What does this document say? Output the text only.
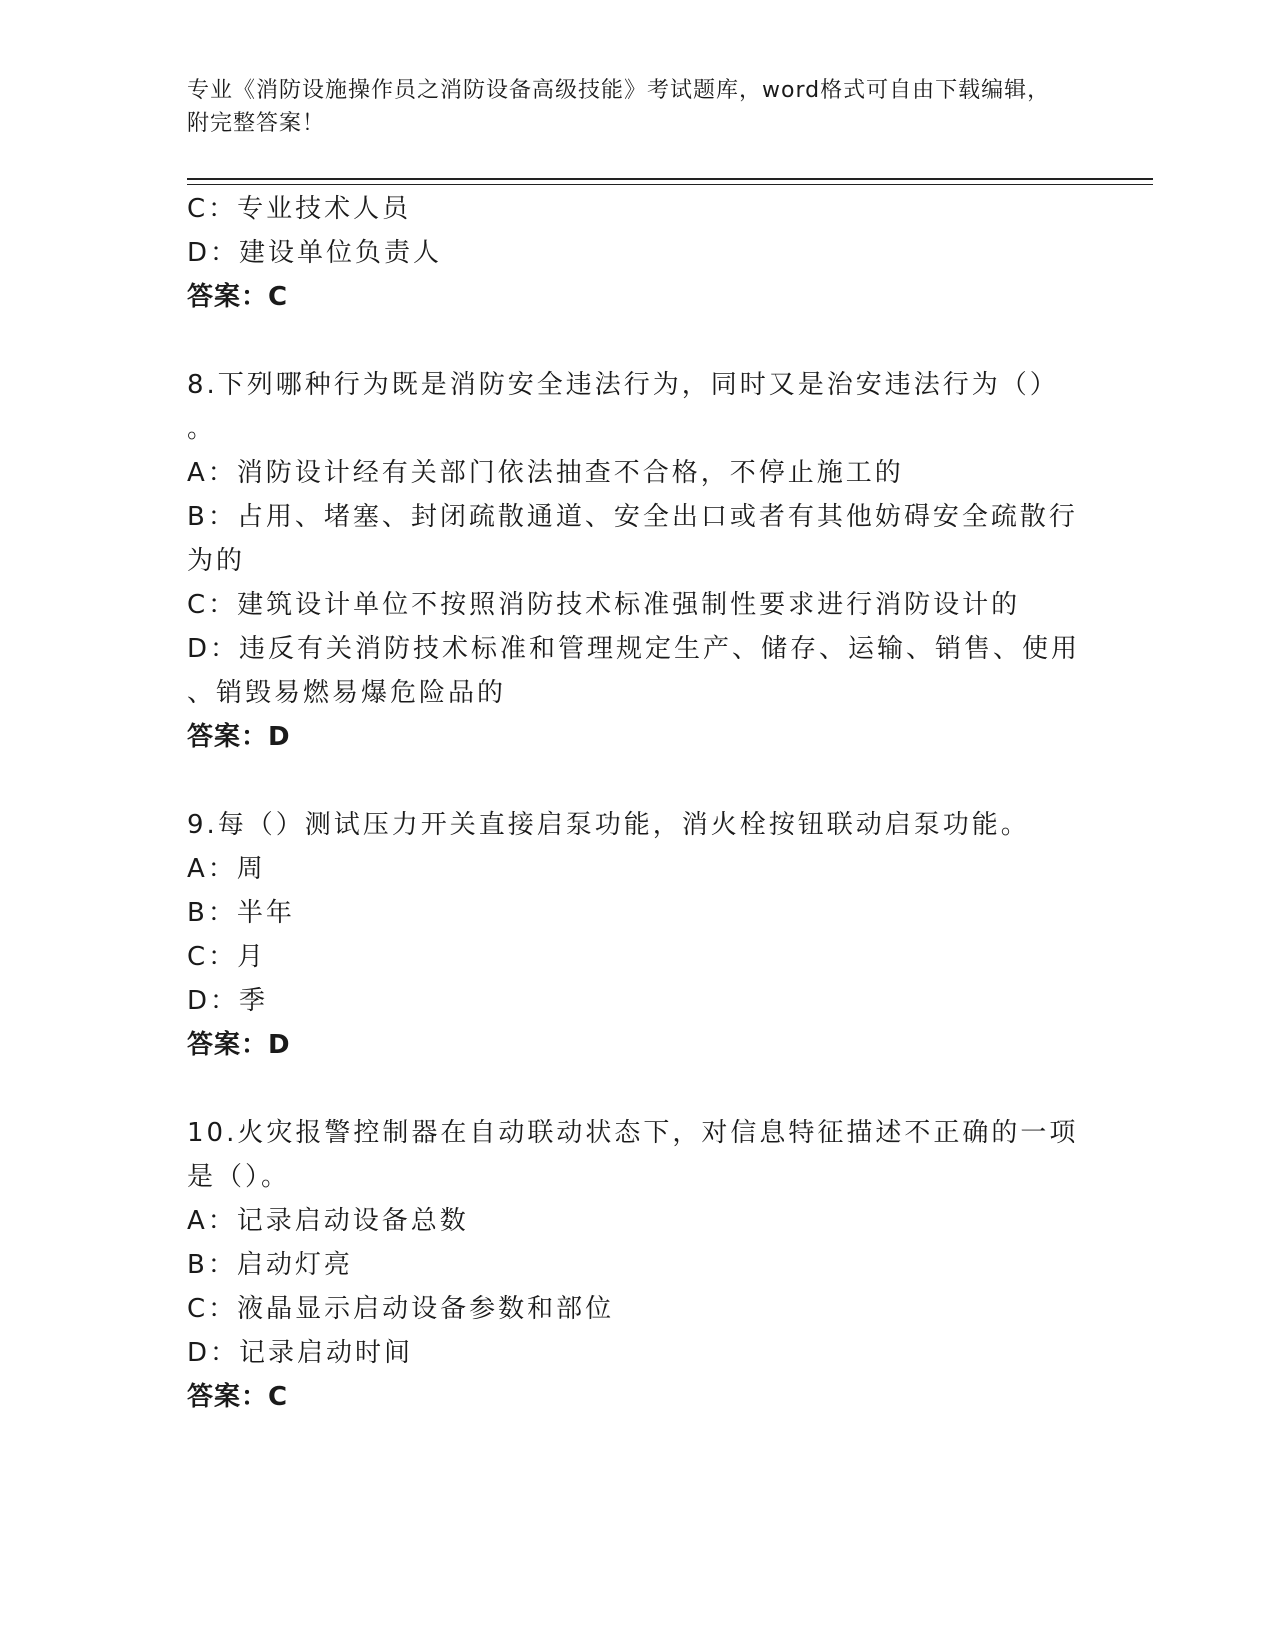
专业《消防设施操作员之消防设备高级技能》考试题库，word格式可自由下载编辑，附完整答案！
C：专业技术人员
D：建设单位负责人
答案：C
8.下列哪种行为既是消防安全违法行为，同时又是治安违法行为（）
。
A：消防设计经有关部门依法抽查不合格，不停止施工的
B：占用、堵塞、封闭疏散通道、安全出口或者有其他妨碍安全疏散行
为的
C：建筑设计单位不按照消防技术标准强制性要求进行消防设计的
D：违反有关消防技术标准和管理规定生产、储存、运输、销售、使用
、销毁易燃易爆危险品的
答案：D
9.每（）测试压力开关直接启泵功能，消火栓按钮联动启泵功能。
A：周
B：半年
C：月
D：季
答案：D
10.火灾报警控制器在自动联动状态下，对信息特征描述不正确的一项
是（）。
A：记录启动设备总数
B：启动灯亮
C：液晶显示启动设备参数和部位
D：记录启动时间
答案：C
